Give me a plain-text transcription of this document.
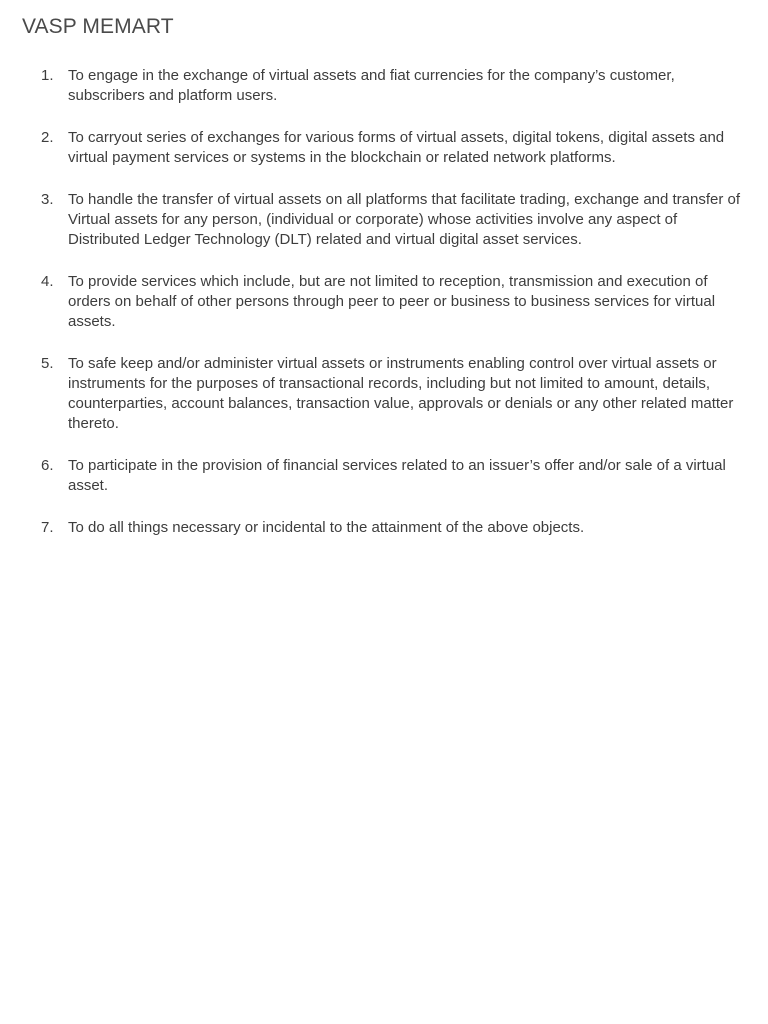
VASP MEMART
1. To engage in the exchange of virtual assets and fiat currencies for the company’s customer, subscribers and platform users.
2. To carryout series of exchanges for various forms of virtual assets, digital tokens, digital assets and virtual payment services or systems in the blockchain or related network platforms.
3. To handle the transfer of virtual assets on all platforms that facilitate trading, exchange and transfer of Virtual assets for any person, (individual or corporate) whose activities involve any aspect of Distributed Ledger Technology (DLT) related and virtual digital asset services.
4. To provide services which include, but are not limited to reception, transmission and execution of orders on behalf of other persons through peer to peer or business to business services for virtual assets.
5. To safe keep and/or administer virtual assets or instruments enabling control over virtual assets or instruments for the purposes of transactional records, including but not limited to amount, details, counterparties, account balances, transaction value, approvals or denials or any other related matter thereto.
6. To participate in the provision of financial services related to an issuer’s offer and/or sale of a virtual asset.
7. To do all things necessary or incidental to the attainment of the above objects.
